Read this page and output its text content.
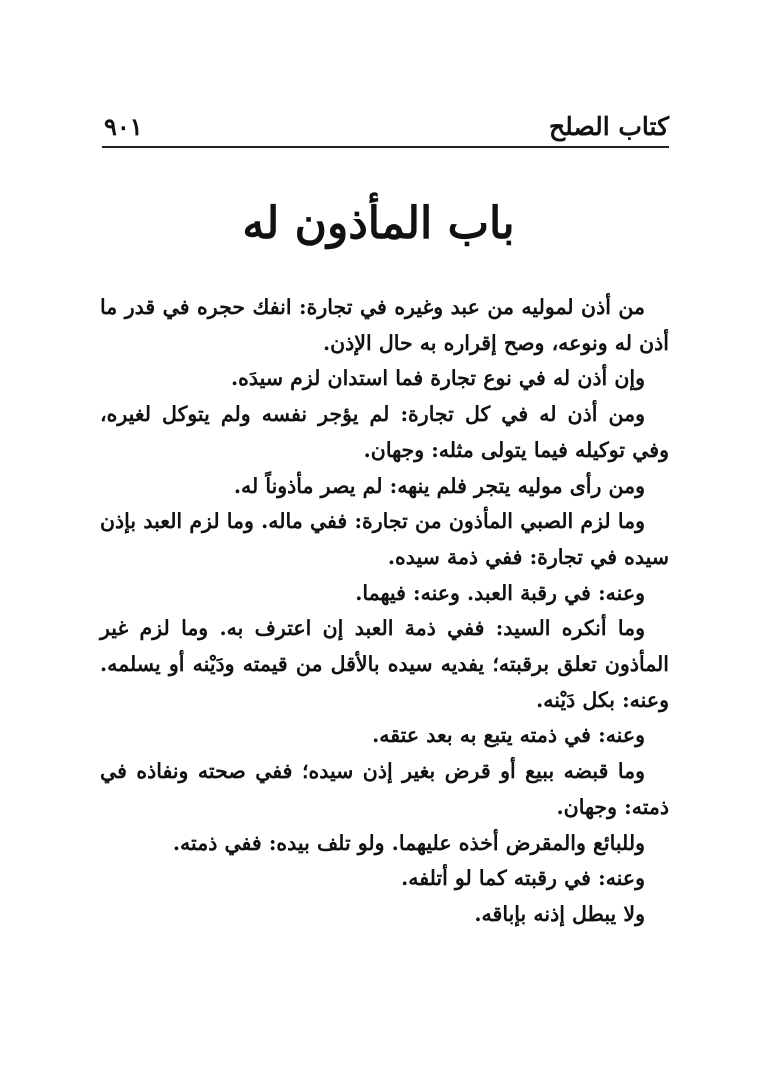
كتاب الصلح
٩٠١
باب المأذون له

من أذن لموليه من عبد وغيره في تجارة: انفك حجره في قدر ما أذن له ونوعه، وصح إقراره به حال الإذن.

وإن أذن له في نوع تجارة فما استدان لزم سيدَه.

ومن أذن له في كل تجارة: لم يؤجر نفسه ولم يتوكل لغيره، وفي توكيله فيما يتولى مثله: وجهان.

ومن رأى موليه يتجر فلم ينهه: لم يصر مأذوناً له.

وما لزم الصبي المأذون من تجارة: ففي ماله. وما لزم العبد بإذن سيده في تجارة: ففي ذمة سيده.

وعنه: في رقبة العبد. وعنه: فيهما.

وما أنكره السيد: ففي ذمة العبد إن اعترف به. وما لزم غير المأذون تعلق برقبته؛ يفديه سيده بالأقل من قيمته ودَيْنه أو يسلمه. وعنه: بكل دَيْنه.

وعنه: في ذمته يتبع به بعد عتقه.

وما قبضه ببيع أو قرض بغير إذن سيده؛ ففي صحته ونفاذه في ذمته: وجهان.

وللبائع والمقرض أخذه عليهما. ولو تلف بيده: ففي ذمته.

وعنه: في رقبته كما لو أتلفه.

ولا يبطل إذنه بإباقه.
